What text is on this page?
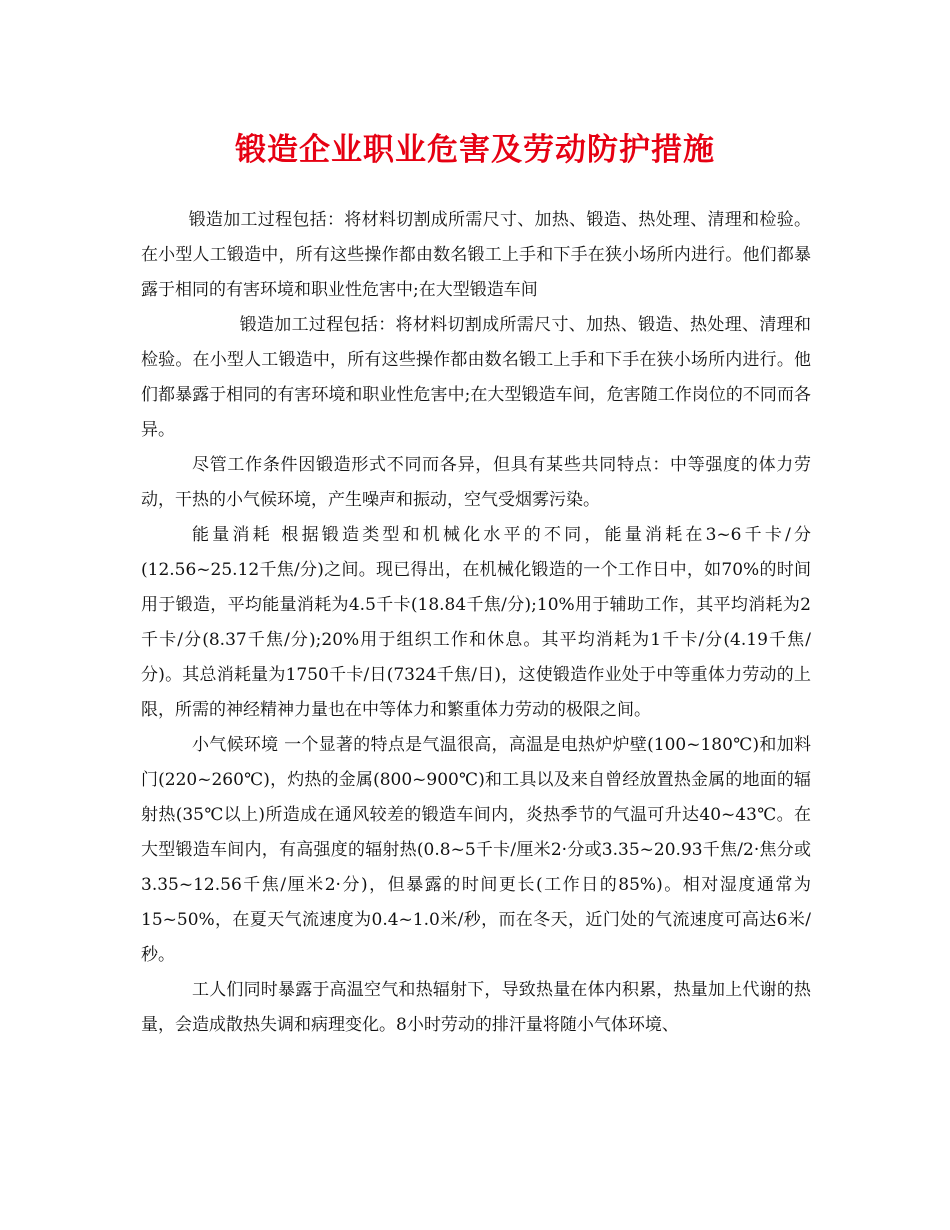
锻造企业职业危害及劳动防护措施

锻造加工过程包括：将材料切割成所需尺寸、加热、锻造、热处理、清理和检验。在小型人工锻造中，所有这些操作都由数名锻工上手和下手在狭小场所内进行。他们都暴露于相同的有害环境和职业性危害中;在大型锻造车间

锻造加工过程包括：将材料切割成所需尺寸、加热、锻造、热处理、清理和检验。在小型人工锻造中，所有这些操作都由数名锻工上手和下手在狭小场所内进行。他们都暴露于相同的有害环境和职业性危害中;在大型锻造车间，危害随工作岗位的不同而各异。

尽管工作条件因锻造形式不同而各异，但具有某些共同特点：中等强度的体力劳动，干热的小气候环境，产生噪声和振动，空气受烟雾污染。

能量消耗 根据锻造类型和机械化水平的不同，能量消耗在3~6千卡/分(12.56~25.12千焦/分)之间。现已得出，在机械化锻造的一个工作日中，如70%的时间用于锻造，平均能量消耗为4.5千卡(18.84千焦/分);10%用于辅助工作，其平均消耗为2千卡/分(8.37千焦/分);20%用于组织工作和休息。其平均消耗为1千卡/分(4.19千焦/分)。其总消耗量为1750千卡/日(7324千焦/日)，这使锻造作业处于中等重体力劳动的上限，所需的神经精神力量也在中等体力和繁重体力劳动的极限之间。

小气候环境 一个显著的特点是气温很高，高温是电热炉炉壁(100~180℃)和加料门(220~260℃)，灼热的金属(800~900℃)和工具以及来自曾经放置热金属的地面的辐射热(35℃以上)所造成在通风较差的锻造车间内，炎热季节的气温可升达40~43℃。在大型锻造车间内，有高强度的辐射热(0.8~5千卡/厘米2·分或3.35~20.93千焦/2·焦分或3.35~12.56千焦/厘米2·分)，但暴露的时间更长(工作日的85%)。相对湿度通常为15~50%，在夏天气流速度为0.4~1.0米/秒，而在冬天，近门处的气流速度可高达6米/秒。

工人们同时暴露于高温空气和热辐射下，导致热量在体内积累，热量加上代谢的热量，会造成散热失调和病理变化。8小时劳动的排汗量将随小气体环境、
